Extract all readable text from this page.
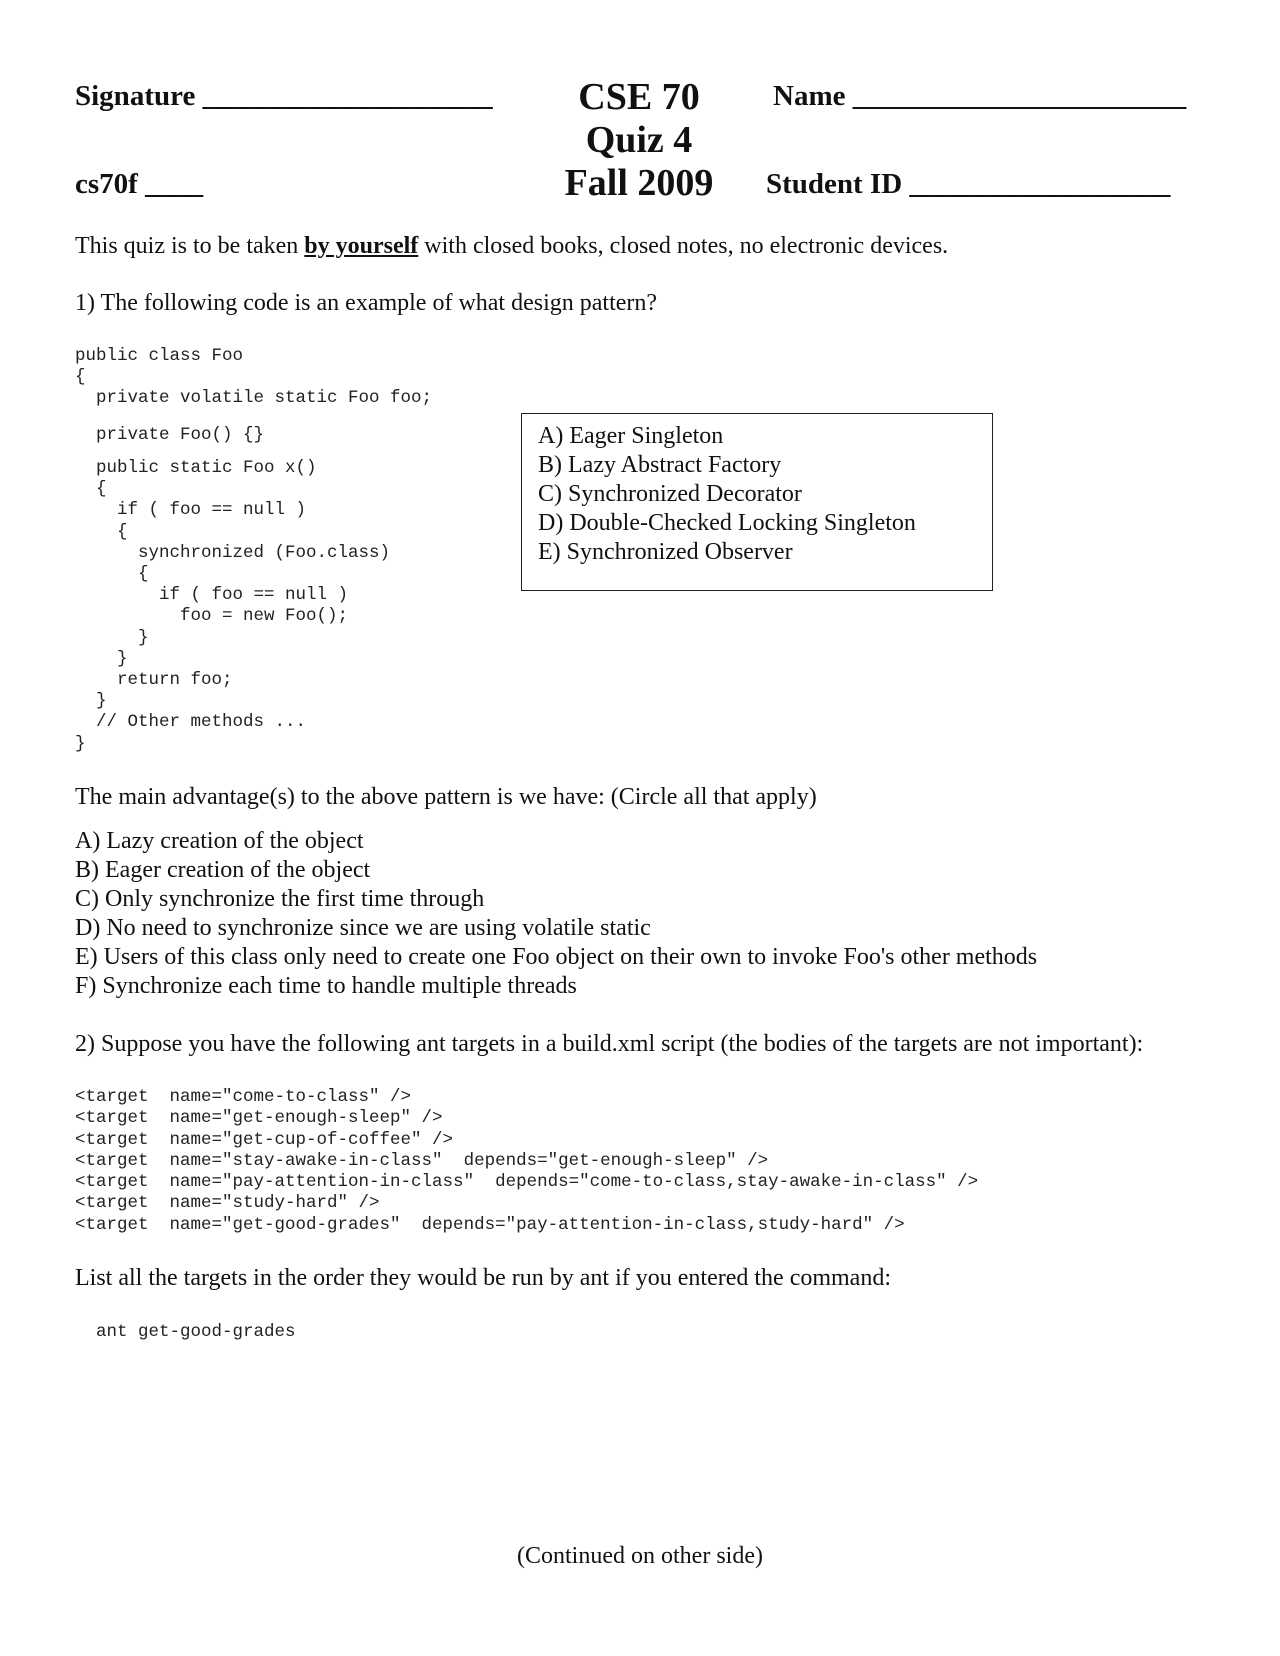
Signature ____________________	Name _______________________
cs70f ____	Student ID __________________
CSE 70
Quiz 4
Fall 2009
This quiz is to be taken by yourself with closed books, closed notes, no electronic devices.
1) The following code is an example of what design pattern?
public class Foo
{
private volatile static Foo foo;
private Foo() {}
public static Foo x()
{
if ( foo == null )
{
synchronized (Foo.class)
{
if ( foo == null )
foo = new Foo();
}
}
return foo;
}
// Other methods ...
}
A) Eager Singleton
B) Lazy Abstract Factory
C) Synchronized Decorator
D) Double-Checked Locking Singleton
E) Synchronized Observer
The main advantage(s) to the above pattern is we have: (Circle all that apply)
A) Lazy creation of the object
B) Eager creation of the object
C) Only synchronize the first time through
D) No need to synchronize since we are using volatile static
E) Users of this class only need to create one Foo object on their own to invoke Foo's other methods
F) Synchronize each time to handle multiple threads
2) Suppose you have the following ant targets in a build.xml script (the bodies of the targets are not important):
<target  name="come-to-class" />
<target  name="get-enough-sleep" />
<target  name="get-cup-of-coffee" />
<target  name="stay-awake-in-class"  depends="get-enough-sleep" />
<target  name="pay-attention-in-class"  depends="come-to-class,stay-awake-in-class" />
<target  name="study-hard" />
<target  name="get-good-grades"  depends="pay-attention-in-class,study-hard" />
List all the targets in the order they would be run by ant if you entered the command:
ant get-good-grades
(Continued on other side)
